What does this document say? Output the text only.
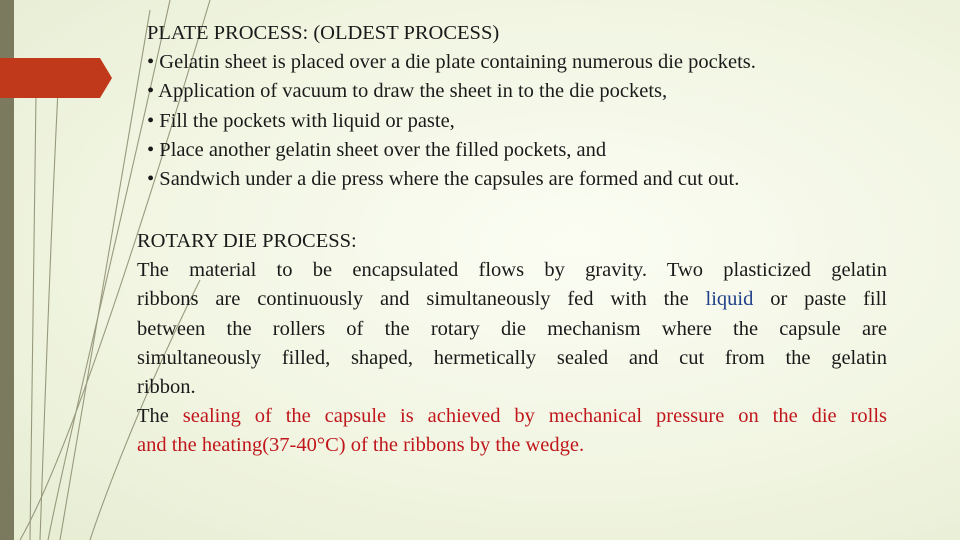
PLATE PROCESS: (OLDEST PROCESS)
• Gelatin sheet is placed over a die plate containing numerous die pockets.
• Application of vacuum to draw the sheet in to the die pockets,
• Fill the pockets with liquid or paste,
• Place another gelatin sheet over the filled pockets, and
• Sandwich under a die press where the capsules are formed and cut out.
ROTARY DIE PROCESS:
The material to be encapsulated flows by gravity. Two plasticized gelatin
ribbons are continuously and simultaneously fed with the liquid or paste fill
between the rollers of the rotary die mechanism where the capsule are
simultaneously filled, shaped, hermetically sealed and cut from the gelatin
ribbon.
The sealing of the capsule is achieved by mechanical pressure on the die rolls
and the heating(37-40°C) of the ribbons by the wedge.
